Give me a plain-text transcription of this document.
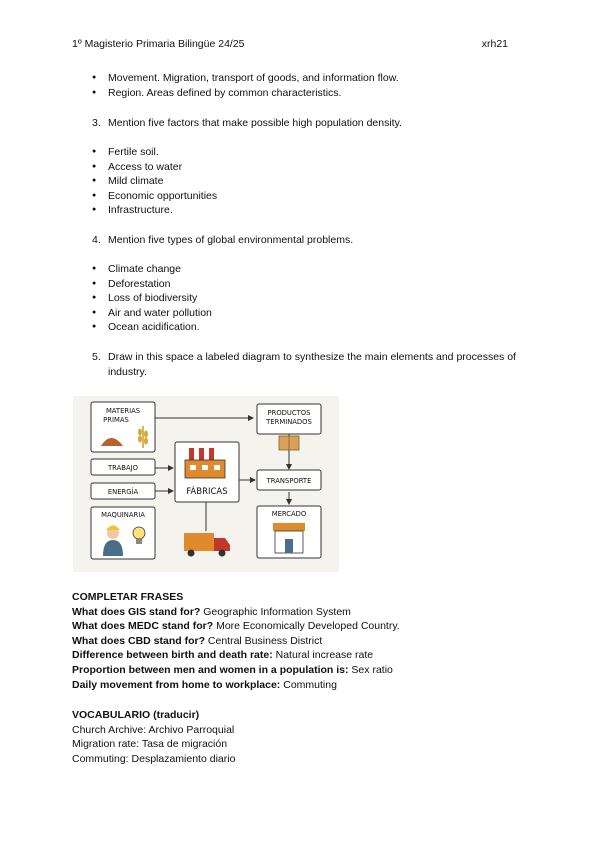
1º Magisterio Primaria Bilingüe 24/25	xrh21
● Movement. Migration, transport of goods, and information flow.
● Region. Areas defined by common characteristics.
3. Mention five factors that make possible high population density.
● Fertile soil.
● Access to water
● Mild climate
● Economic opportunities
● Infrastructure.
4. Mention five types of global environmental problems.
● Climate change
● Deforestation
● Loss of biodiversity
● Air and water pollution
● Ocean acidification.
5. Draw in this space a labeled diagram to synthesize the main elements and processes of industry.
MATERIAS
PRIMAS
TRABAJO
ENERGÍA
MAQUINARIA
FÁBRICAS
PRODUCTOS
TERMINADOS
TRANSPORTE
MERCADO
COMPLETAR FRASES
What does GIS stand for? Geographic Information System
What does MEDC stand for? More Economically Developed Country.
What does CBD stand for? Central Business District
Difference between birth and death rate: Natural increase rate
Proportion between men and women in a population is: Sex ratio
Daily movement from home to workplace: Commuting
VOCABULARIO (traducir)
Church Archive: Archivo Parroquial
Migration rate: Tasa de migración
Commuting: Desplazamiento diario
